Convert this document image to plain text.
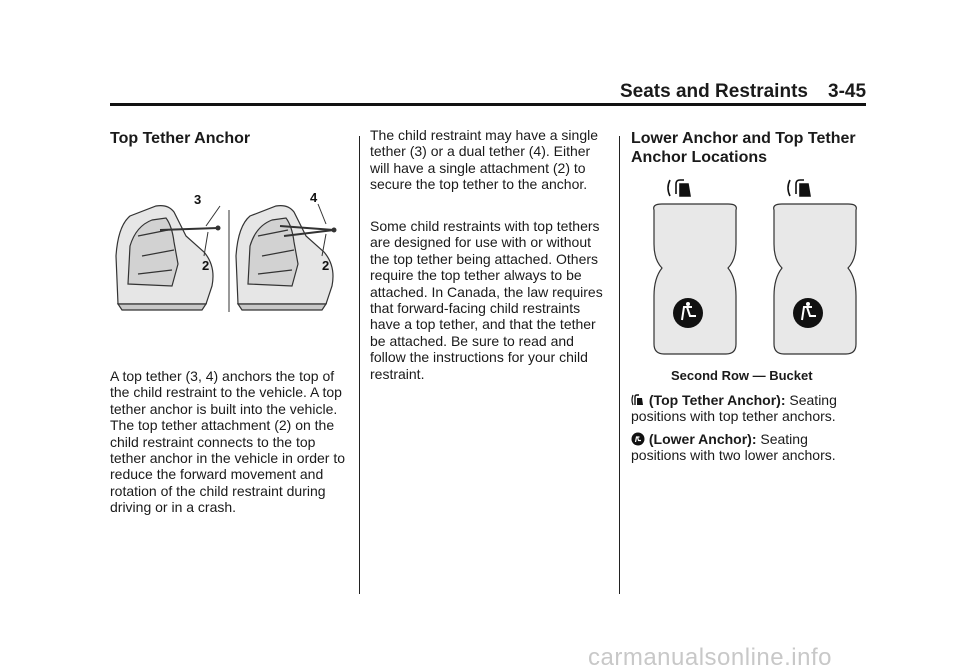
Seats and Restraints 3-45
Top Tether Anchor
3
2
4
2

A top tether (3, 4) anchors the top of the child restraint to the vehicle. A top tether anchor is built into the vehicle. The top tether attachment (2) on the child restraint connects to the top tether anchor in the vehicle in order to reduce the forward movement and rotation of the child restraint during driving or in a crash.

The child restraint may have a single tether (3) or a dual tether (4). Either will have a single attachment (2) to secure the top tether to the anchor.

Some child restraints with top tethers are designed for use with or without the top tether being attached. Others require the top tether always to be attached. In Canada, the law requires that forward-facing child restraints have a top tether, and that the tether be attached. Be sure to read and follow the instructions for your child restraint.

Lower Anchor and Top Tether
Anchor Locations
Second Row — Bucket

(Top Tether Anchor): Seating positions with top tether anchors.

(Lower Anchor): Seating positions with two lower anchors.

carmanualsonline.info
